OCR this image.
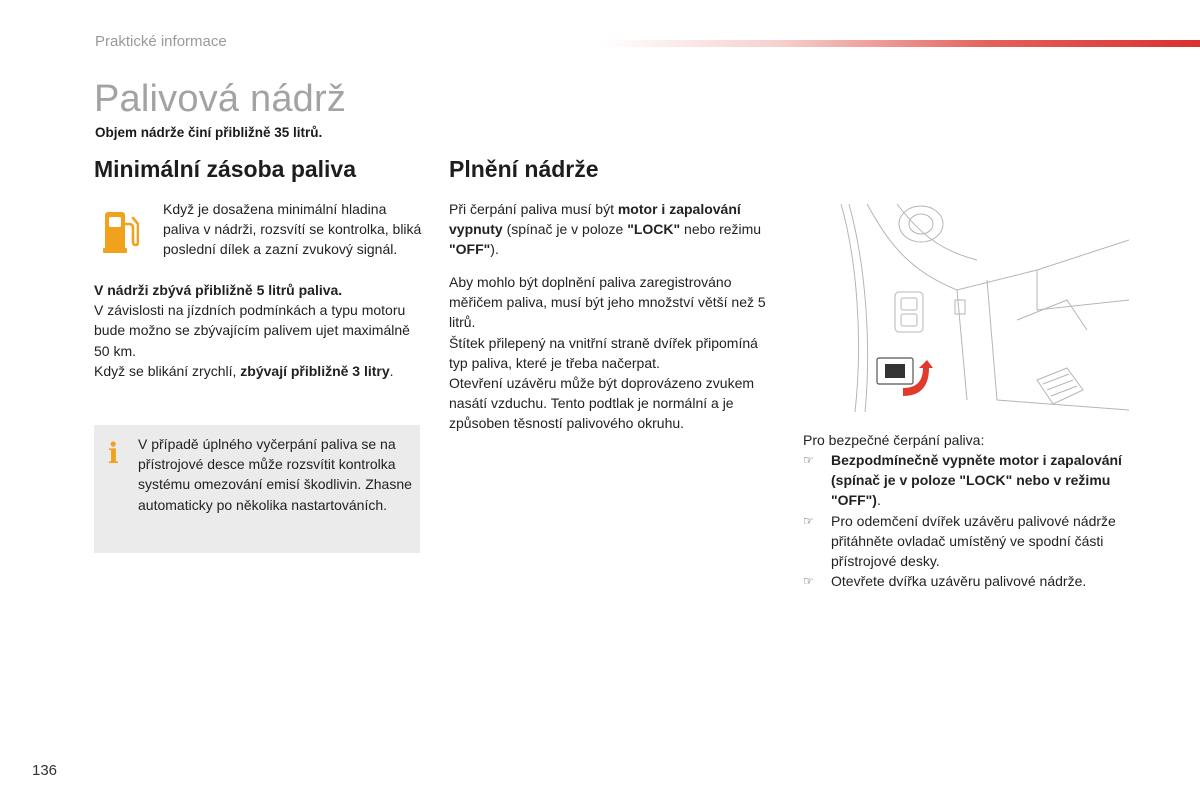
Praktické informace
Palivová nádrž
Objem nádrže činí přibližně 35 litrů.
Minimální zásoba paliva
Když je dosažena minimální hladina paliva v nádrži, rozsvítí se kontrolka, bliká poslední dílek a zazní zvukový signál.
V nádrži zbývá přibližně 5 litrů paliva.
V závislosti na jízdních podmínkách a typu motoru bude možno se zbývajícím palivem ujet maximálně 50 km.
Když se blikání zrychlí, zbývají přibližně 3 litry.
i V případě úplného vyčerpání paliva se na přístrojové desce může rozsvítit kontrolka systému omezování emisí škodlivin. Zhasne automaticky po několika nastartováních.
Plnění nádrže
Při čerpání paliva musí být motor i zapalování vypnuty (spínač je v poloze "LOCK" nebo režimu "OFF").
Aby mohlo být doplnění paliva zaregistrováno měřičem paliva, musí být jeho množství větší než 5 litrů.
Štítek přilepený na vnitřní straně dvířek připomíná typ paliva, které je třeba načerpat.
Otevření uzávěru může být doprovázeno zvukem nasátí vzduchu. Tento podtlak je normální a je způsoben těsností palivového okruhu.
Pro bezpečné čerpání paliva:
☞ Bezpodmínečně vypněte motor i zapalování (spínač je v poloze "LOCK" nebo v režimu "OFF").
☞ Pro odemčení dvířek uzávěru palivové nádrže přitáhněte ovladač umístěný ve spodní části přístrojové desky.
☞ Otevřete dvířka uzávěru palivové nádrže.
136
